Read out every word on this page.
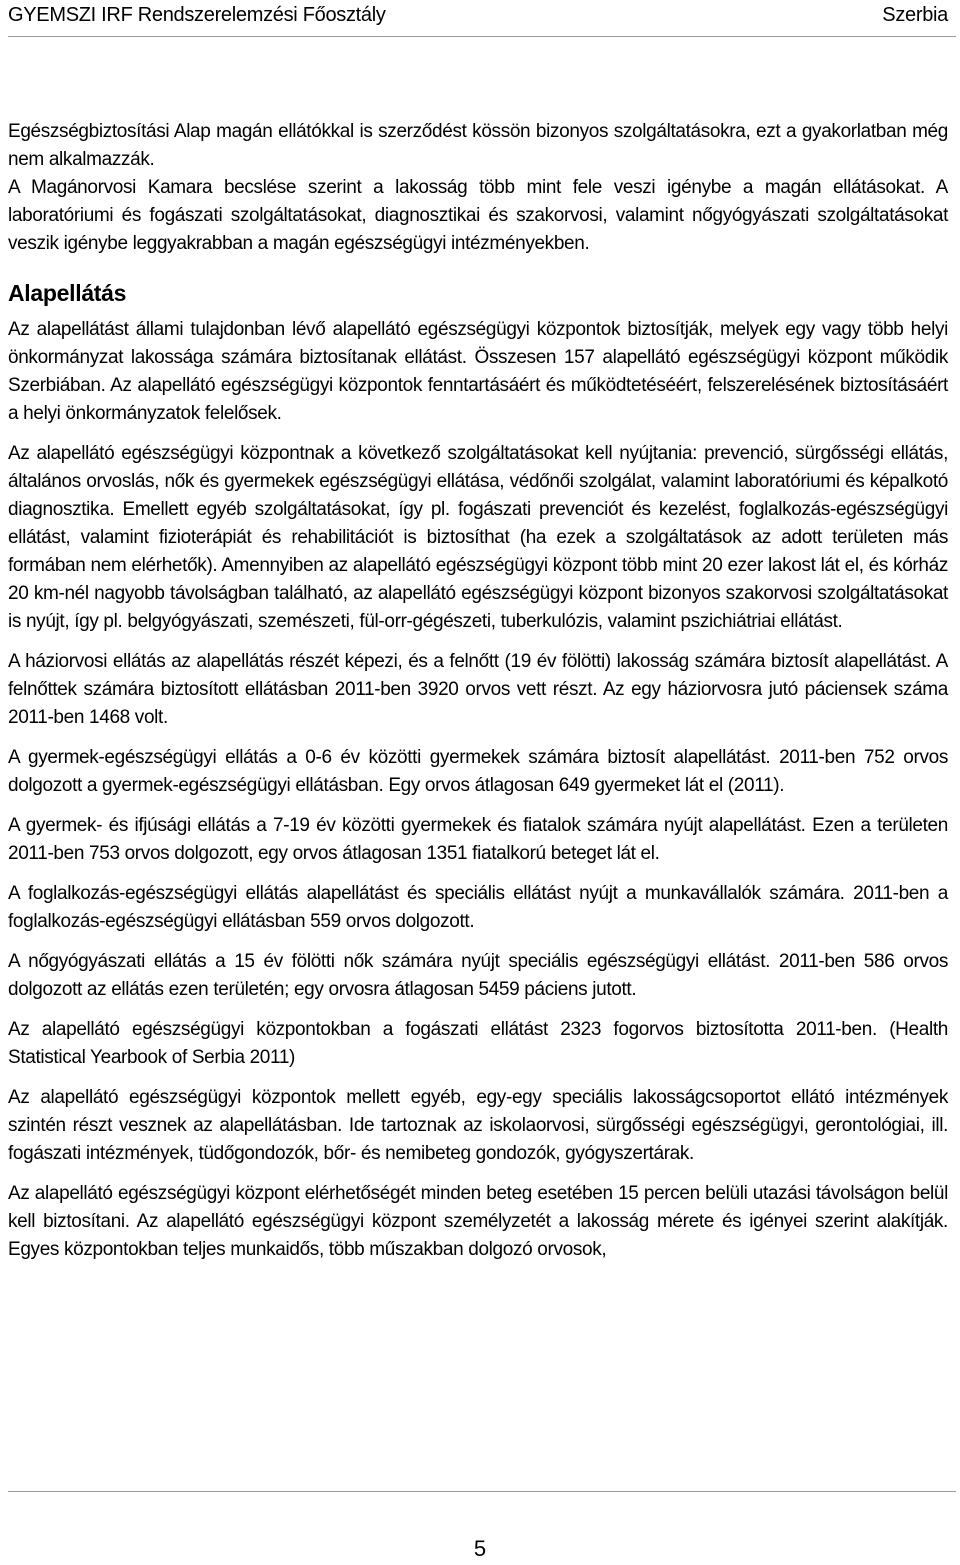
GYEMSZI IRF Rendszerelemzési Főosztály	Szerbia

Egészségbiztosítási Alap magán ellátókkal is szerződést kössön bizonyos szolgáltatásokra, ezt a gyakorlatban még nem alkalmazzák.

A Magánorvosi Kamara becslése szerint a lakosság több mint fele veszi igénybe a magán ellátásokat. A laboratóriumi és fogászati szolgáltatásokat, diagnosztikai és szakorvosi, valamint nőgyógyászati szolgáltatásokat veszik igénybe leggyakrabban a magán egészségügyi intézményekben.

Alapellátás

Az alapellátást állami tulajdonban lévő alapellátó egészségügyi központok biztosítják, melyek egy vagy több helyi önkormányzat lakossága számára biztosítanak ellátást. Összesen 157 alapellátó egészségügyi központ működik Szerbiában. Az alapellátó egészségügyi központok fenntartásáért és működtetéséért, felszerelésének biztosításáért a helyi önkormányzatok felelősek.

Az alapellátó egészségügyi központnak a következő szolgáltatásokat kell nyújtania: prevenció, sürgősségi ellátás, általános orvoslás, nők és gyermekek egészségügyi ellátása, védőnői szolgálat, valamint laboratóriumi és képalkotó diagnosztika. Emellett egyéb szolgáltatásokat, így pl. fogászati prevenciót és kezelést, foglalkozás-egészségügyi ellátást, valamint fizioterápiát és rehabilitációt is biztosíthat (ha ezek a szolgáltatások az adott területen más formában nem elérhetők). Amennyiben az alapellátó egészségügyi központ több mint 20 ezer lakost lát el, és kórház 20 km-nél nagyobb távolságban található, az alapellátó egészségügyi központ bizonyos szakorvosi szolgáltatásokat is nyújt, így pl. belgyógyászati, szemészeti, fül-orr-gégészeti, tuberkulózis, valamint pszichiátriai ellátást.

A háziorvosi ellátás az alapellátás részét képezi, és a felnőtt (19 év fölötti) lakosság számára biztosít alapellátást. A felnőttek számára biztosított ellátásban 2011-ben 3920 orvos vett részt. Az egy háziorvosra jutó páciensek száma 2011-ben 1468 volt.

A gyermek-egészségügyi ellátás a 0-6 év közötti gyermekek számára biztosít alapellátást. 2011-ben 752 orvos dolgozott a gyermek-egészségügyi ellátásban. Egy orvos átlagosan 649 gyermeket lát el (2011).

A gyermek- és ifjúsági ellátás a 7-19 év közötti gyermekek és fiatalok számára nyújt alapellátást. Ezen a területen 2011-ben 753 orvos dolgozott, egy orvos átlagosan 1351 fiatalkorú beteget lát el.

A foglalkozás-egészségügyi ellátás alapellátást és speciális ellátást nyújt a munkavállalók számára. 2011-ben a foglalkozás-egészségügyi ellátásban 559 orvos dolgozott.

A nőgyógyászati ellátás a 15 év fölötti nők számára nyújt speciális egészségügyi ellátást. 2011-ben 586 orvos dolgozott az ellátás ezen területén; egy orvosra átlagosan 5459 páciens jutott.

Az alapellátó egészségügyi központokban a fogászati ellátást 2323 fogorvos biztosította 2011-ben. (Health Statistical Yearbook of Serbia 2011)

Az alapellátó egészségügyi központok mellett egyéb, egy-egy speciális lakosságcsoportot ellátó intézmények szintén részt vesznek az alapellátásban. Ide tartoznak az iskolaorvosi, sürgősségi egészségügyi, gerontológiai, ill. fogászati intézmények, tüdőgondozók, bőr- és nemibeteg gondozók, gyógyszertárak.

Az alapellátó egészségügyi központ elérhetőségét minden beteg esetében 15 percen belüli utazási távolságon belül kell biztosítani. Az alapellátó egészségügyi központ személyzetét a lakosság mérete és igényei szerint alakítják. Egyes központokban teljes munkaidős, több műszakban dolgozó orvosok,

5
